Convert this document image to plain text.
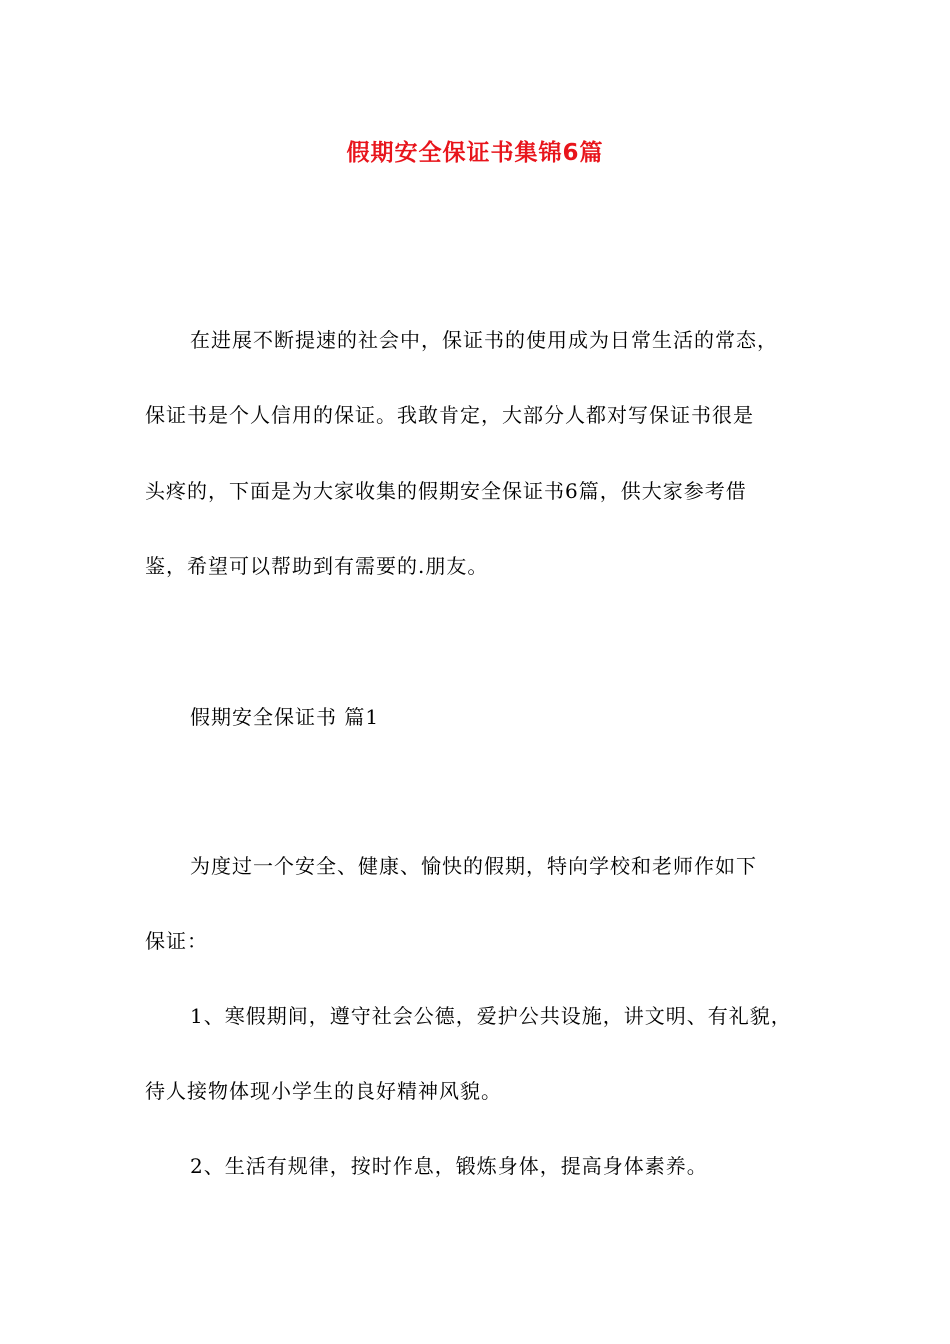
假期安全保证书集锦6篇
在进展不断提速的社会中，保证书的使用成为日常生活的常态，
保证书是个人信用的保证。我敢肯定，大部分人都对写保证书很是
头疼的，下面是为大家收集的假期安全保证书6篇，供大家参考借
鉴，希望可以帮助到有需要的.朋友。
假期安全保证书 篇1
为度过一个安全、健康、愉快的假期，特向学校和老师作如下
保证：
1、寒假期间，遵守社会公德，爱护公共设施，讲文明、有礼貌，
待人接物体现小学生的良好精神风貌。
2、生活有规律，按时作息，锻炼身体，提高身体素养。
